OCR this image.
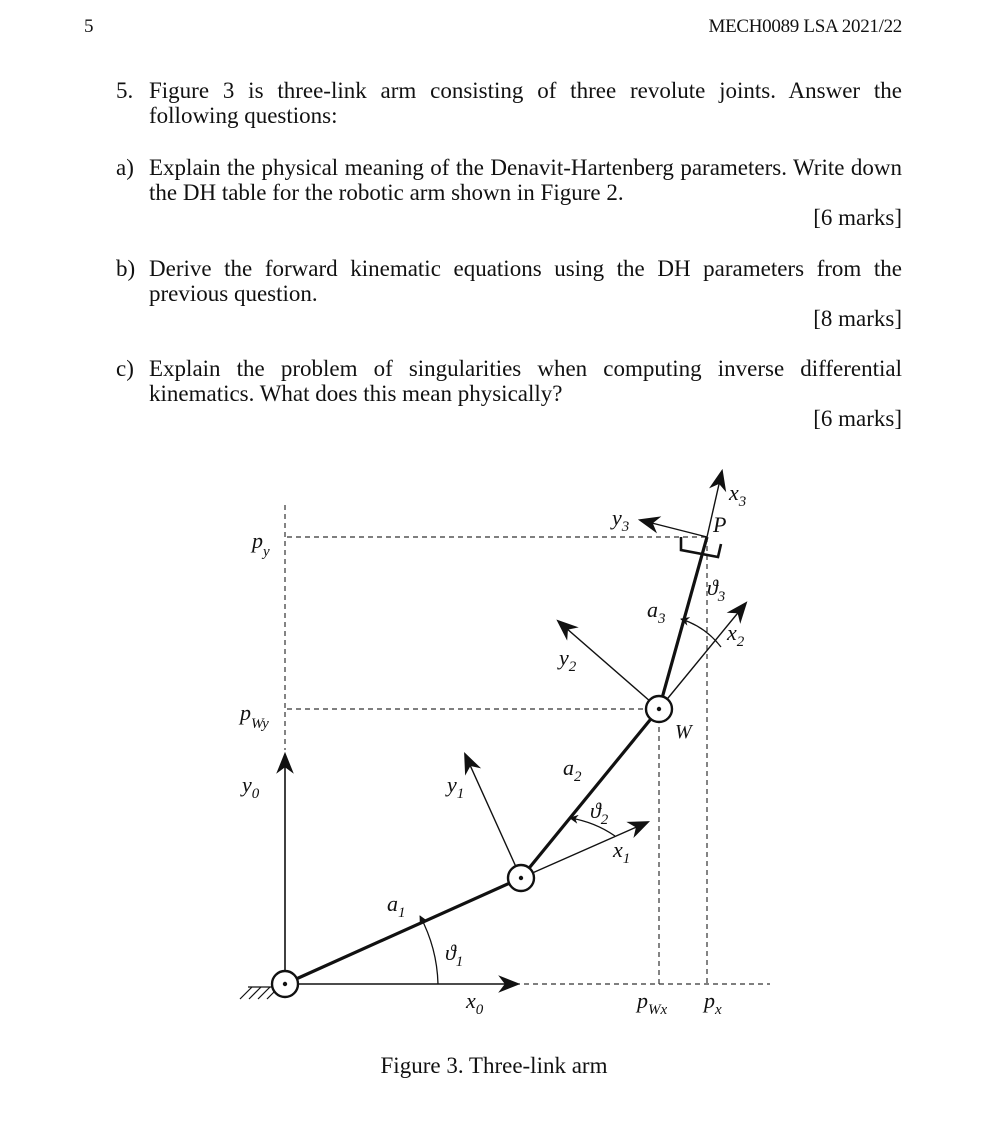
5	MECH0089 LSA 2021/22
5. Figure 3 is three-link arm consisting of three revolute joints. Answer the following questions:
a) Explain the physical meaning of the Denavit-Hartenberg parameters. Write down the DH table for the robotic arm shown in Figure 2.
[6 marks]
b) Derive the forward kinematic equations using the DH parameters from the previous question.
[8 marks]
c) Explain the problem of singularities when computing inverse differential kinematics. What does this mean physically?
[6 marks]
$p_y$
$p_{Wy}$
$y_0$
$x_0$
$y_1$
$x_1$
$a_1$
$ϑ_1$
$a_2$
$ϑ_2$
$y_2$
$x_2$
$a_3$
$ϑ_3$
$y_3$
$x_3$
P
W
$p_{Wx}$ $p_x$
Figure 3. Three-link arm
